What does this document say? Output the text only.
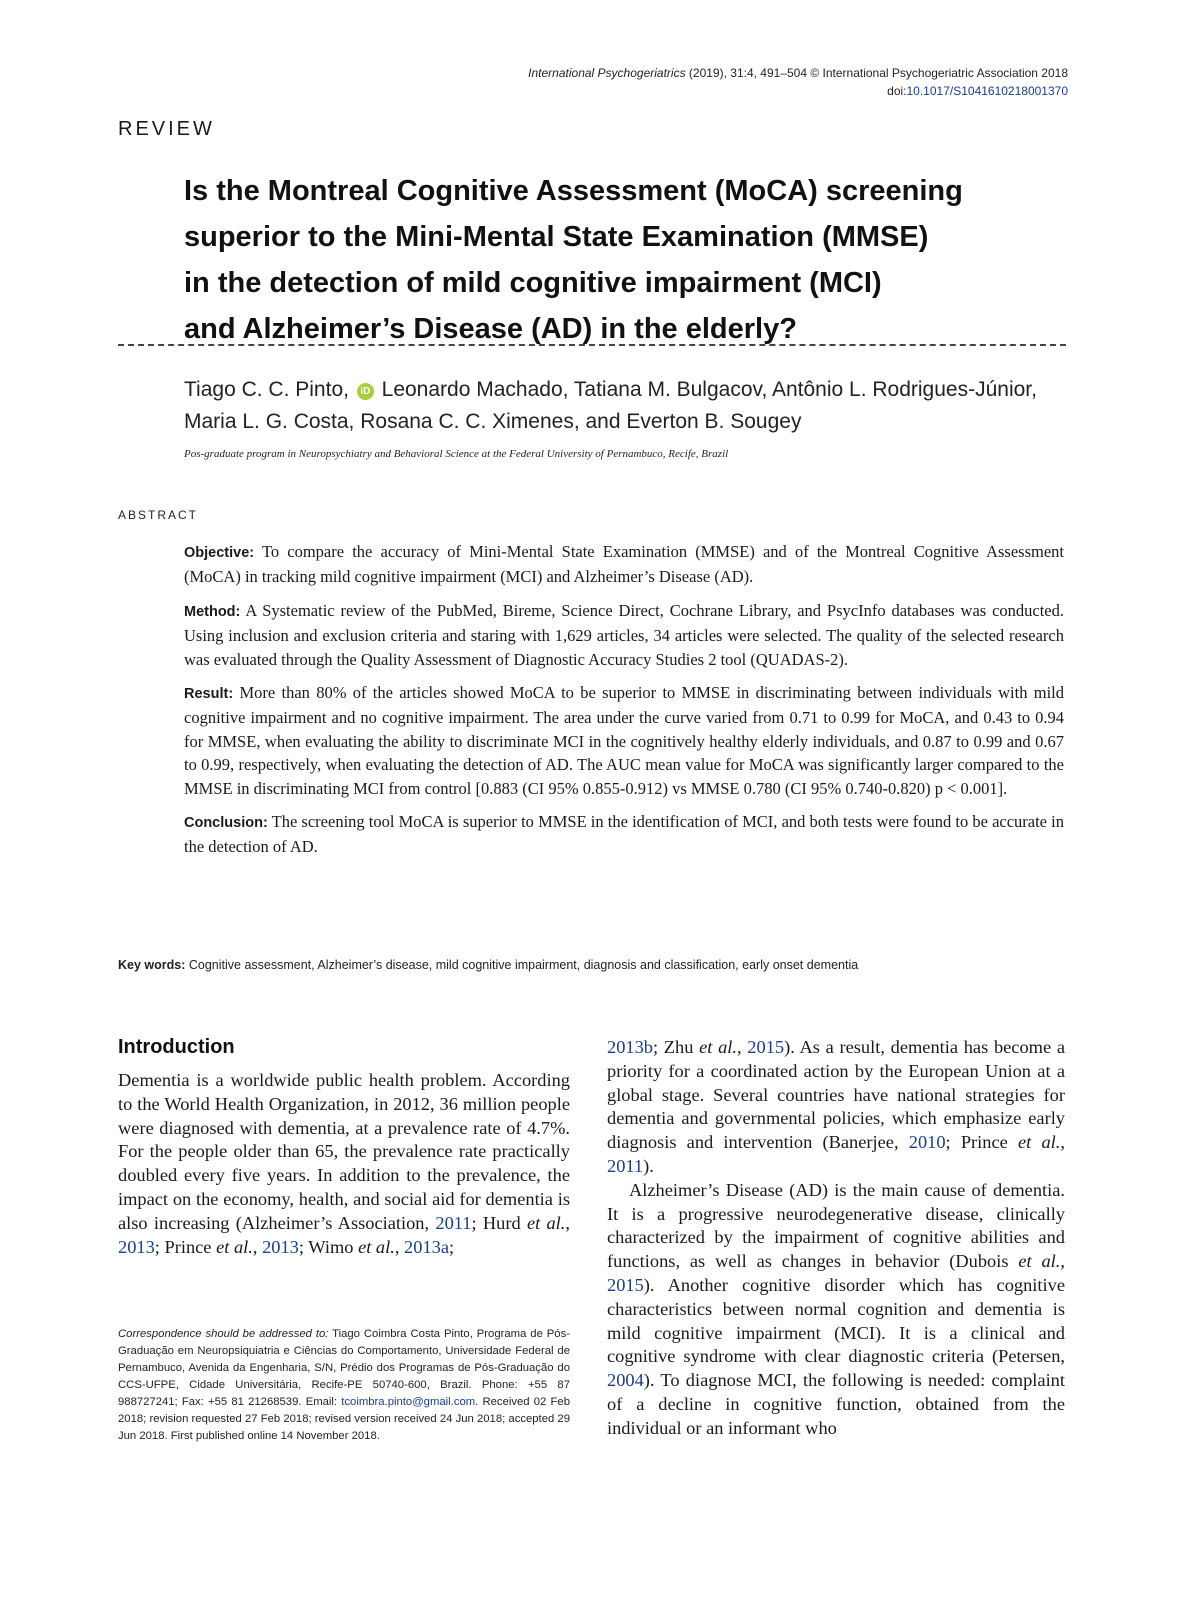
International Psychogeriatrics (2019), 31:4, 491–504 © International Psychogeriatric Association 2018
doi:10.1017/S1041610218001370
REVIEW
Is the Montreal Cognitive Assessment (MoCA) screening
superior to the Mini-Mental State Examination (MMSE)
in the detection of mild cognitive impairment (MCI)
and Alzheimer’s Disease (AD) in the elderly?

Tiago C. C. Pinto, iD Leonardo Machado, Tatiana M. Bulgacov, Antônio L. Rodrigues-Júnior, Maria L. G. Costa, Rosana C. C. Ximenes, and Everton B. Sougey

Pos-graduate program in Neuropsychiatry and Behavioral Science at the Federal University of Pernambuco, Recife, Brazil
ABSTRACT

Objective: To compare the accuracy of Mini-Mental State Examination (MMSE) and of the Montreal Cognitive Assessment (MoCA) in tracking mild cognitive impairment (MCI) and Alzheimer’s Disease (AD).

Method: A Systematic review of the PubMed, Bireme, Science Direct, Cochrane Library, and PsycInfo databases was conducted. Using inclusion and exclusion criteria and staring with 1,629 articles, 34 articles were selected. The quality of the selected research was evaluated through the Quality Assessment of Diagnostic Accuracy Studies 2 tool (QUADAS-2).

Result: More than 80% of the articles showed MoCA to be superior to MMSE in discriminating between individuals with mild cognitive impairment and no cognitive impairment. The area under the curve varied from 0.71 to 0.99 for MoCA, and 0.43 to 0.94 for MMSE, when evaluating the ability to discriminate MCI in the cognitively healthy elderly individuals, and 0.87 to 0.99 and 0.67 to 0.99, respectively, when evaluating the detection of AD. The AUC mean value for MoCA was significantly larger compared to the MMSE in discriminating MCI from control [0.883 (CI 95% 0.855-0.912) vs MMSE 0.780 (CI 95% 0.740-0.820) p < 0.001].

Conclusion: The screening tool MoCA is superior to MMSE in the identification of MCI, and both tests were found to be accurate in the detection of AD.

Key words: Cognitive assessment, Alzheimer’s disease, mild cognitive impairment, diagnosis and classification, early onset dementia
Introduction

Dementia is a worldwide public health problem. According to the World Health Organization, in 2012, 36 million people were diagnosed with dementia, at a prevalence rate of 4.7%. For the people older than 65, the prevalence rate practically doubled every five years. In addition to the prevalence, the impact on the economy, health, and social aid for dementia is also increasing (Alzheimer’s Association, 2011; Hurd et al., 2013; Prince et al., 2013; Wimo et al., 2013a;

Correspondence should be addressed to: Tiago Coimbra Costa Pinto, Programa de Pós-Graduação em Neuropsiquiatria e Ciências do Comportamento, Universidade Federal de Pernambuco, Avenida da Engenharia, S/N, Prédio dos Programas de Pós-Graduação do CCS-UFPE, Cidade Universitária, Recife-PE 50740-600, Brazil. Phone: +55 87 988727241; Fax: +55 81 21268539. Email: tcoimbra.pinto@gmail.com. Received 02 Feb 2018; revision requested 27 Feb 2018; revised version received 24 Jun 2018; accepted 29 Jun 2018. First published online 14 November 2018.

2013b; Zhu et al., 2015). As a result, dementia has become a priority for a coordinated action by the European Union at a global stage. Several countries have national strategies for dementia and governmental policies, which emphasize early diagnosis and intervention (Banerjee, 2010; Prince et al., 2011).

Alzheimer’s Disease (AD) is the main cause of dementia. It is a progressive neurodegenerative disease, clinically characterized by the impairment of cognitive abilities and functions, as well as changes in behavior (Dubois et al., 2015). Another cognitive disorder which has cognitive characteristics between normal cognition and dementia is mild cognitive impairment (MCI). It is a clinical and cognitive syndrome with clear diagnostic criteria (Petersen, 2004). To diagnose MCI, the following is needed: complaint of a decline in cognitive function, obtained from the individual or an informant who
